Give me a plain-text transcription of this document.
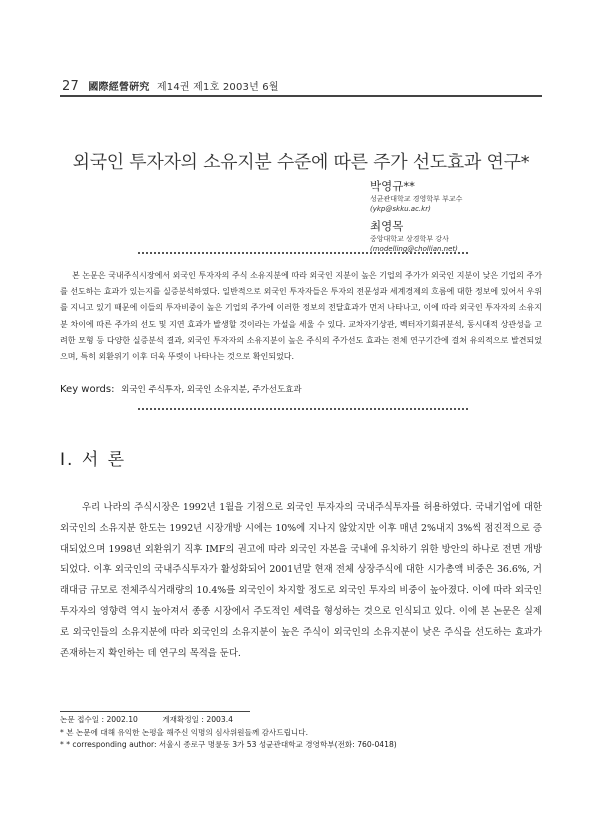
27 國際經營硏究 제14권 제1호 2003년 6월
외국인 투자자의 소유지분 수준에 따른 주가 선도효과 연구*
박영규**
성균관대학교 경영학부 부교수
(ykp@skku.ac.kr)
최영목
중앙대학교 상경학부 강사
(modelling@chollian.net)
본 논문은 국내주식시장에서 외국인 투자자의 주식 소유지분에 따라 외국인 지분이 높은 기업의 주가가 외국인 지분이 낮은 기업의 주가를 선도하는 효과가 있는지를 실증분석하였다. 일반적으로 외국인 투자자들은 투자의 전문성과 세계경제의 흐름에 대한 정보에 있어서 우위를 지니고 있기 때문에 이들의 투자비중이 높은 기업의 주가에 이러한 정보의 전달효과가 먼저 나타나고, 이에 따라 외국인 투자자의 소유지분 차이에 따른 주가의 선도 및 지연 효과가 발생할 것이라는 가설을 세울 수 있다. 교차자기상관, 벡터자기회귀분석, 동시대적 상관성을 고려한 모형 등 다양한 실증분석 결과, 외국인 투자자의 소유지분이 높은 주식의 주가선도 효과는 전체 연구기간에 걸쳐 유의적으로 발견되었으며, 특히 외환위기 이후 더욱 뚜렷이 나타나는 것으로 확인되었다.
Key words: 외국인 주식투자, 외국인 소유지분, 주가선도효과
Ⅰ. 서 론
우리 나라의 주식시장은 1992년 1월을 기점으로 외국인 투자자의 국내주식투자를 허용하였다. 국내기업에 대한 외국인의 소유지분 한도는 1992년 시장개방 시에는 10%에 지나지 않았지만 이후 매년 2%내지 3%씩 점진적으로 증대되었으며 1998년 외환위기 직후 IMF의 권고에 따라 외국인 자본을 국내에 유치하기 위한 방안의 하나로 전면 개방되었다. 이후 외국인의 국내주식투자가 활성화되어 2001년말 현재 전체 상장주식에 대한 시가총액 비중은 36.6%, 거래대금 규모로 전체주식거래량의 10.4%를 외국인이 차지할 정도로 외국인 투자의 비중이 높아졌다. 이에 따라 외국인 투자자의 영향력 역시 높아져서 종종 시장에서 주도적인 세력을 형성하는 것으로 인식되고 있다. 이에 본 논문은 실제로 외국인들의 소유지분에 따라 외국인의 소유지분이 높은 주식이 외국인의 소유지분이 낮은 주식을 선도하는 효과가 존재하는지 확인하는 데 연구의 목적을 둔다.
논문 접수일 : 2002.10	게재확정일 : 2003.4
* 본 논문에 대해 유익한 논평을 해주신 익명의 심사위원들께 감사드립니다.
* * corresponding author: 서울시 종로구 명륜동 3가 53 성균관대학교 경영학부(전화: 760-0418)
